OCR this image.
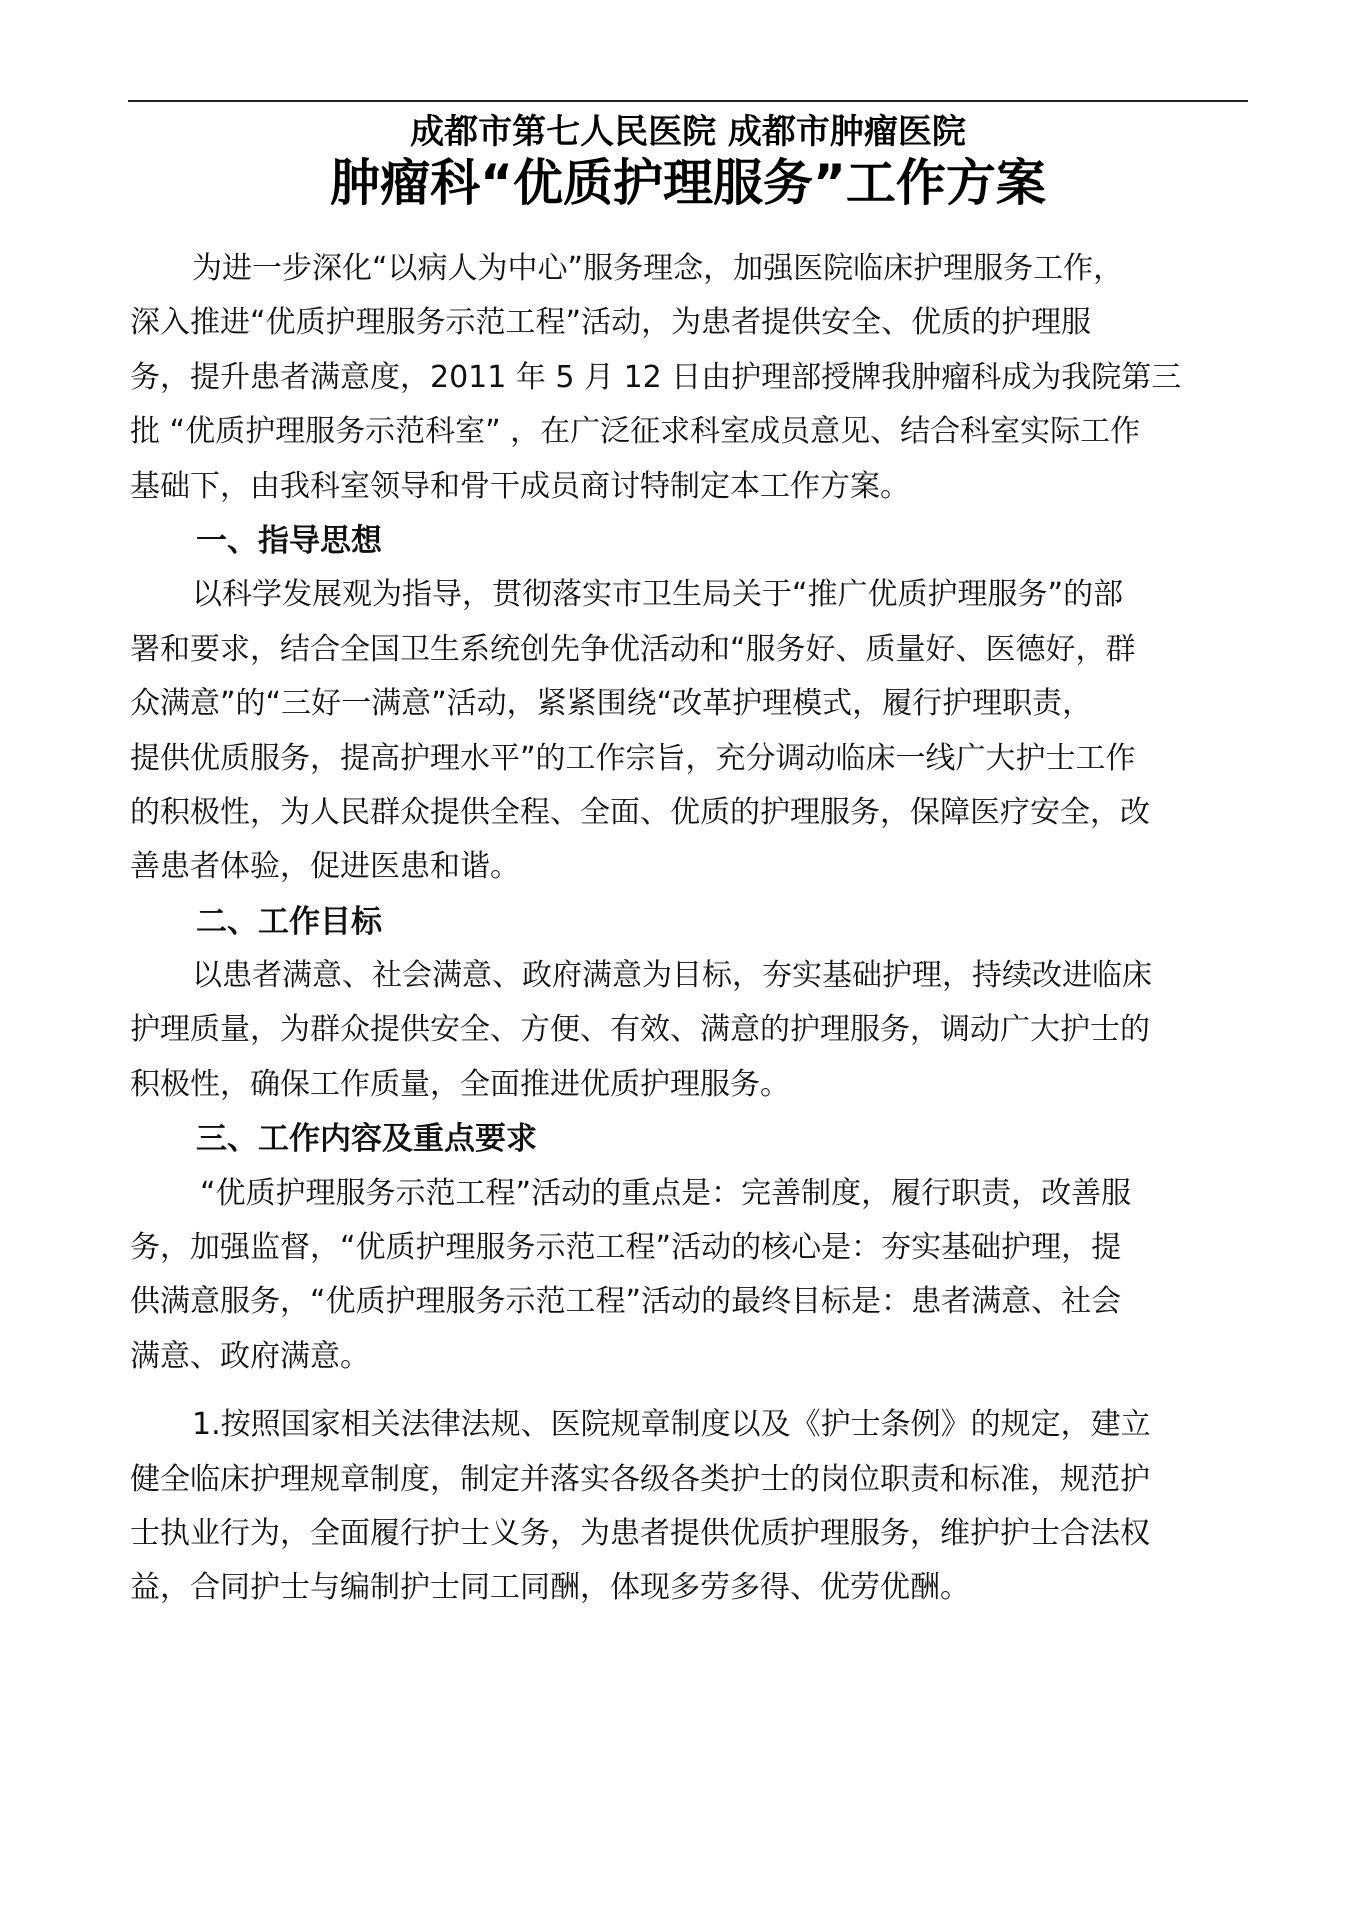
成都市第七人民医院 成都市肿瘤医院
肿瘤科“优质护理服务”工作方案
为进一步深化“以病人为中心”服务理念，加强医院临床护理服务工作，
深入推进“优质护理服务示范工程”活动，为患者提供安全、优质的护理服
务，提升患者满意度，2011 年 5 月 12 日由护理部授牌我肿瘤科成为我院第三
批 “优质护理服务示范科室” ，在广泛征求科室成员意见、结合科室实际工作
基础下，由我科室领导和骨干成员商讨特制定本工作方案。
一、指导思想
以科学发展观为指导，贯彻落实市卫生局关于“推广优质护理服务”的部
署和要求，结合全国卫生系统创先争优活动和“服务好、质量好、医德好，群
众满意”的“三好一满意”活动，紧紧围绕“改革护理模式，履行护理职责，
提供优质服务，提高护理水平”的工作宗旨，充分调动临床一线广大护士工作
的积极性，为人民群众提供全程、全面、优质的护理服务，保障医疗安全，改
善患者体验，促进医患和谐。
二、工作目标
以患者满意、社会满意、政府满意为目标，夯实基础护理，持续改进临床
护理质量，为群众提供安全、方便、有效、满意的护理服务，调动广大护士的
积极性，确保工作质量，全面推进优质护理服务。
三、工作内容及重点要求
“优质护理服务示范工程”活动的重点是：完善制度，履行职责，改善服
务，加强监督，“优质护理服务示范工程”活动的核心是：夯实基础护理，提
供满意服务，“优质护理服务示范工程”活动的最终目标是：患者满意、社会
满意、政府满意。
1.按照国家相关法律法规、医院规章制度以及《护士条例》的规定，建立
健全临床护理规章制度，制定并落实各级各类护士的岗位职责和标准，规范护
士执业行为，全面履行护士义务，为患者提供优质护理服务，维护护士合法权
益，合同护士与编制护士同工同酬，体现多劳多得、优劳优酬。
